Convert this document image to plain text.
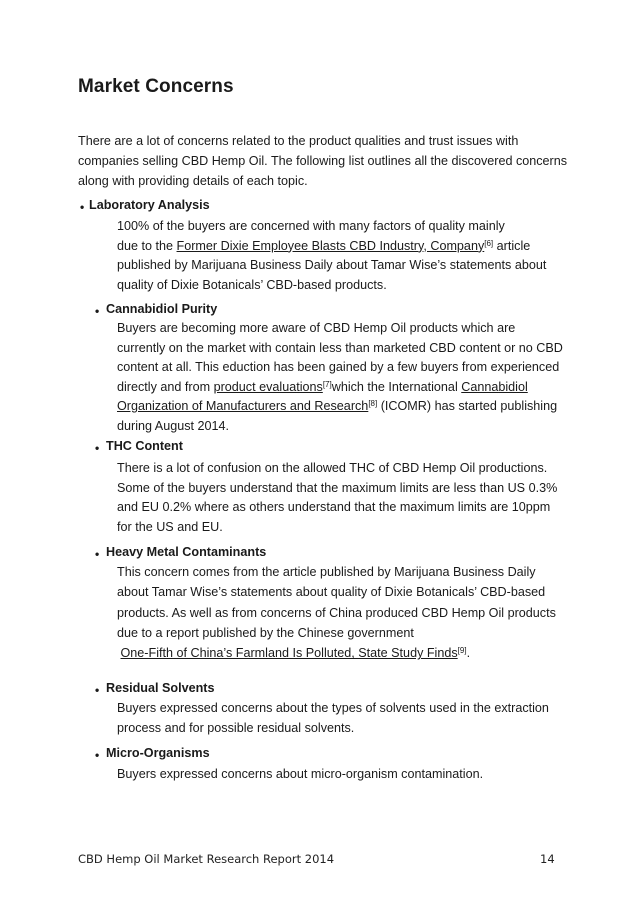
Market Concerns

There are a lot of concerns related to the product qualities and trust issues with companies selling CBD Hemp Oil. The following list outlines all the discovered concerns along with providing details of each topic.

• Laboratory Analysis

100% of the buyers are concerned with many factors of quality mainly
due to the Former Dixie Employee Blasts CBD Industry, Company[6] article published by Marijuana Business Daily about Tamar Wise’s statements about quality of Dixie Botanicals’ CBD-based products.

• Cannabidiol Purity

Buyers are becoming more aware of CBD Hemp Oil products which are currently on the market with contain less than marketed CBD content or no CBD content at all. This eduction has been gained by a few buyers from experienced directly and from product evaluations[7]which the International Cannabidiol Organization of Manufacturers and Research[8] (ICOMR) has started publishing during August 2014.

• THC Content

There is a lot of confusion on the allowed THC of CBD Hemp Oil productions. Some of the buyers understand that the maximum limits are less than US 0.3% and EU 0.2% where as others understand that the maximum limits are 10ppm for the US and EU.

• Heavy Metal Contaminants

This concern comes from the article published by Marijuana Business Daily about Tamar Wise’s statements about quality of Dixie Botanicals’ CBD-based products. As well as from concerns of China produced CBD Hemp Oil products due to a report published by the Chinese government
One-Fifth of China’s Farmland Is Polluted, State Study Finds[9].

• Residual Solvents

Buyers expressed concerns about the types of solvents used in the extraction process and for possible residual solvents.

• Micro-Organisms

Buyers expressed concerns about micro-organism contamination.

CBD Hemp Oil Market Research Report 2014	14
